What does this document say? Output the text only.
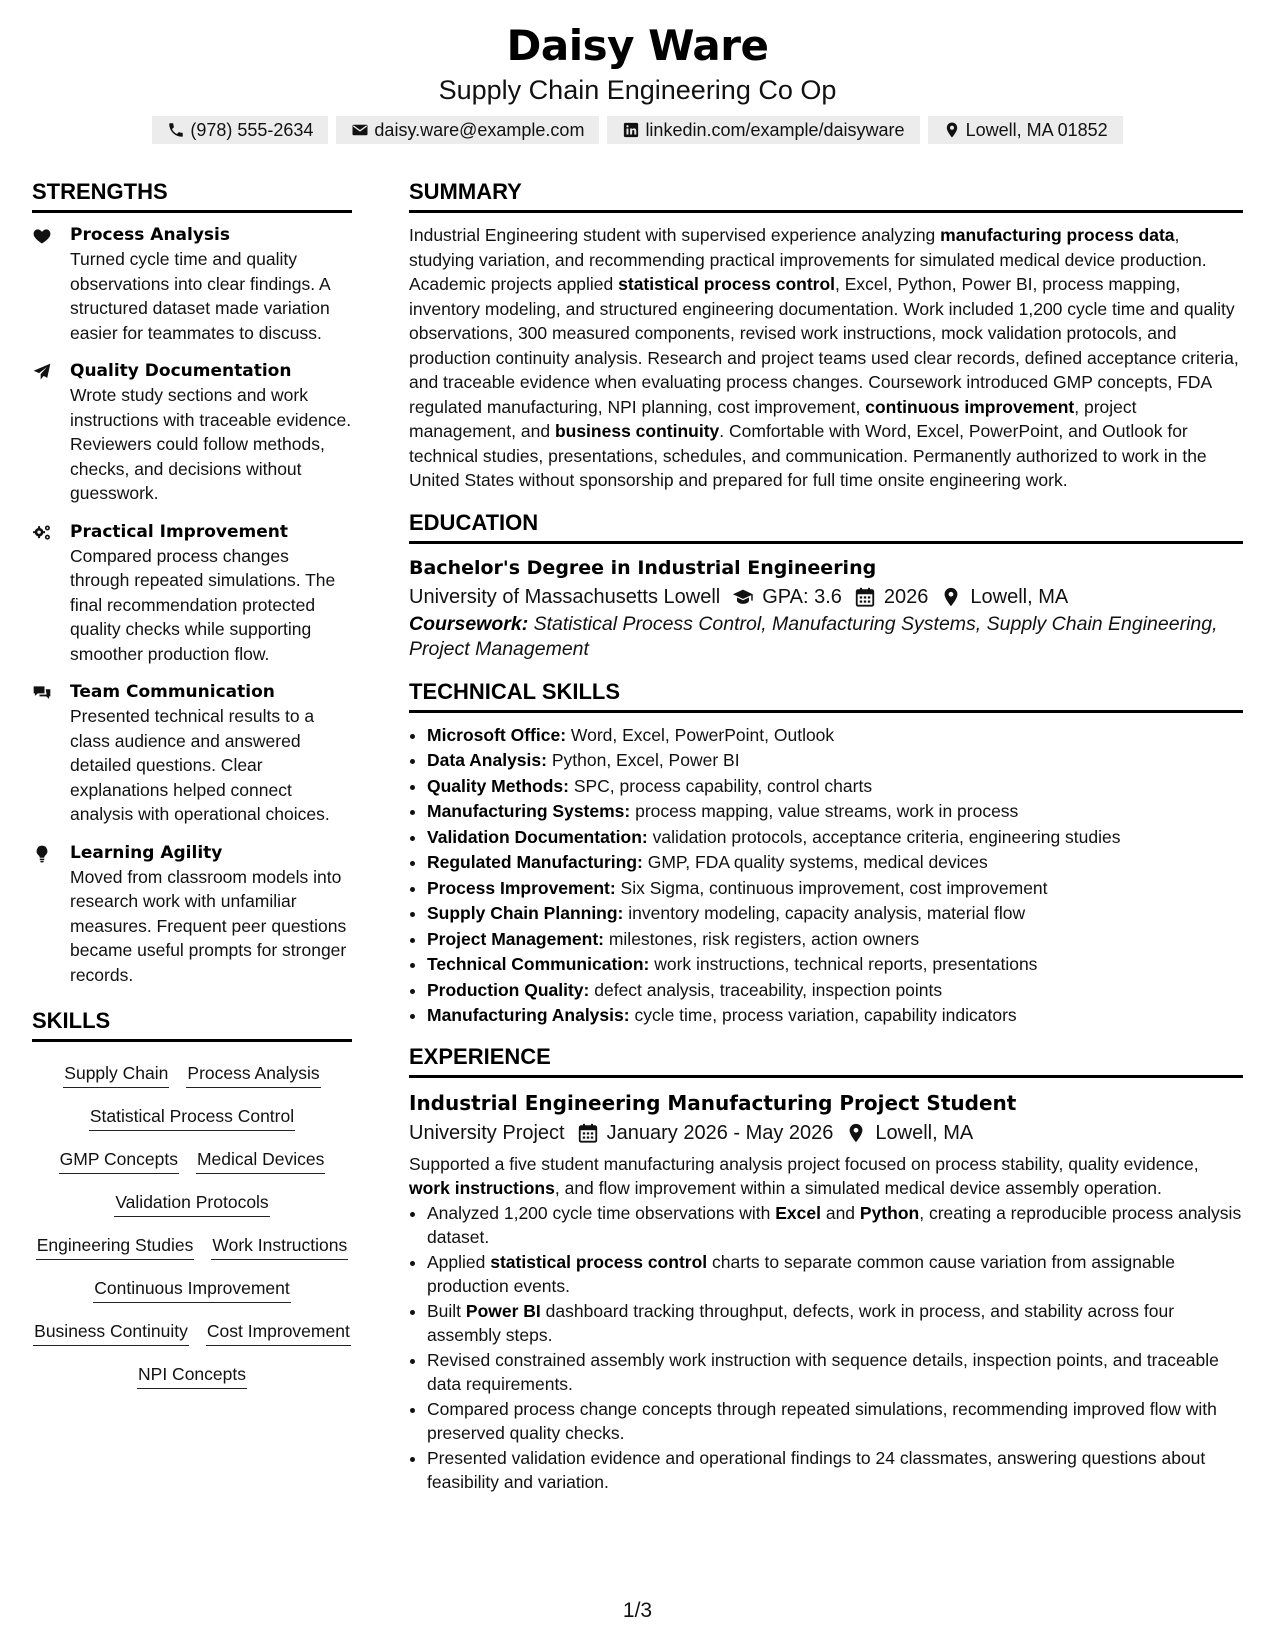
Daisy Ware
Supply Chain Engineering Co Op
(978) 555-2634	daisy.ware@example.com	linkedin.com/example/daisyware	Lowell, MA 01852
STRENGTHS
Process Analysis
Turned cycle time and quality observations into clear findings. A structured dataset made variation easier for teammates to discuss.
Quality Documentation
Wrote study sections and work instructions with traceable evidence. Reviewers could follow methods, checks, and decisions without guesswork.
Practical Improvement
Compared process changes through repeated simulations. The final recommendation protected quality checks while supporting smoother production flow.
Team Communication
Presented technical results to a class audience and answered detailed questions. Clear explanations helped connect analysis with operational choices.
Learning Agility
Moved from classroom models into research work with unfamiliar measures. Frequent peer questions became useful prompts for stronger records.
SKILLS
Supply Chain Process Analysis
Statistical Process Control
GMP Concepts Medical Devices
Validation Protocols
Engineering Studies Work Instructions
Continuous Improvement
Business Continuity Cost Improvement
NPI Concepts
SUMMARY

Industrial Engineering student with supervised experience analyzing manufacturing process data, studying variation, and recommending practical improvements for simulated medical device production. Academic projects applied statistical process control, Excel, Python, Power BI, process mapping, inventory modeling, and structured engineering documentation. Work included 1,200 cycle time and quality observations, 300 measured components, revised work instructions, mock validation protocols, and production continuity analysis. Research and project teams used clear records, defined acceptance criteria, and traceable evidence when evaluating process changes. Coursework introduced GMP concepts, FDA regulated manufacturing, NPI planning, cost improvement, continuous improvement, project management, and business continuity. Comfortable with Word, Excel, PowerPoint, and Outlook for technical studies, presentations, schedules, and communication. Permanently authorized to work in the United States without sponsorship and prepared for full time onsite engineering work.

EDUCATION
Bachelor's Degree in Industrial Engineering
University of Massachusetts Lowell GPA: 3.6 2026 Lowell, MA
Coursework: Statistical Process Control, Manufacturing Systems, Supply Chain Engineering, Project Management
TECHNICAL SKILLS
• Microsoft Office: Word, Excel, PowerPoint, Outlook
• Data Analysis: Python, Excel, Power BI
• Quality Methods: SPC, process capability, control charts
• Manufacturing Systems: process mapping, value streams, work in process
• Validation Documentation: validation protocols, acceptance criteria, engineering studies
• Regulated Manufacturing: GMP, FDA quality systems, medical devices
• Process Improvement: Six Sigma, continuous improvement, cost improvement
• Supply Chain Planning: inventory modeling, capacity analysis, material flow
• Project Management: milestones, risk registers, action owners
• Technical Communication: work instructions, technical reports, presentations
• Production Quality: defect analysis, traceability, inspection points
• Manufacturing Analysis: cycle time, process variation, capability indicators
EXPERIENCE
Industrial Engineering Manufacturing Project Student
University Project January 2026 - May 2026 Lowell, MA
Supported a five student manufacturing analysis project focused on process stability, quality evidence, work instructions, and flow improvement within a simulated medical device assembly operation.
• Analyzed 1,200 cycle time observations with Excel and Python, creating a reproducible process analysis dataset.
• Applied statistical process control charts to separate common cause variation from assignable production events.
• Built Power BI dashboard tracking throughput, defects, work in process, and stability across four assembly steps.
• Revised constrained assembly work instruction with sequence details, inspection points, and traceable data requirements.
• Compared process change concepts through repeated simulations, recommending improved flow with preserved quality checks.
• Presented validation evidence and operational findings to 24 classmates, answering questions about feasibility and variation.
1/3
